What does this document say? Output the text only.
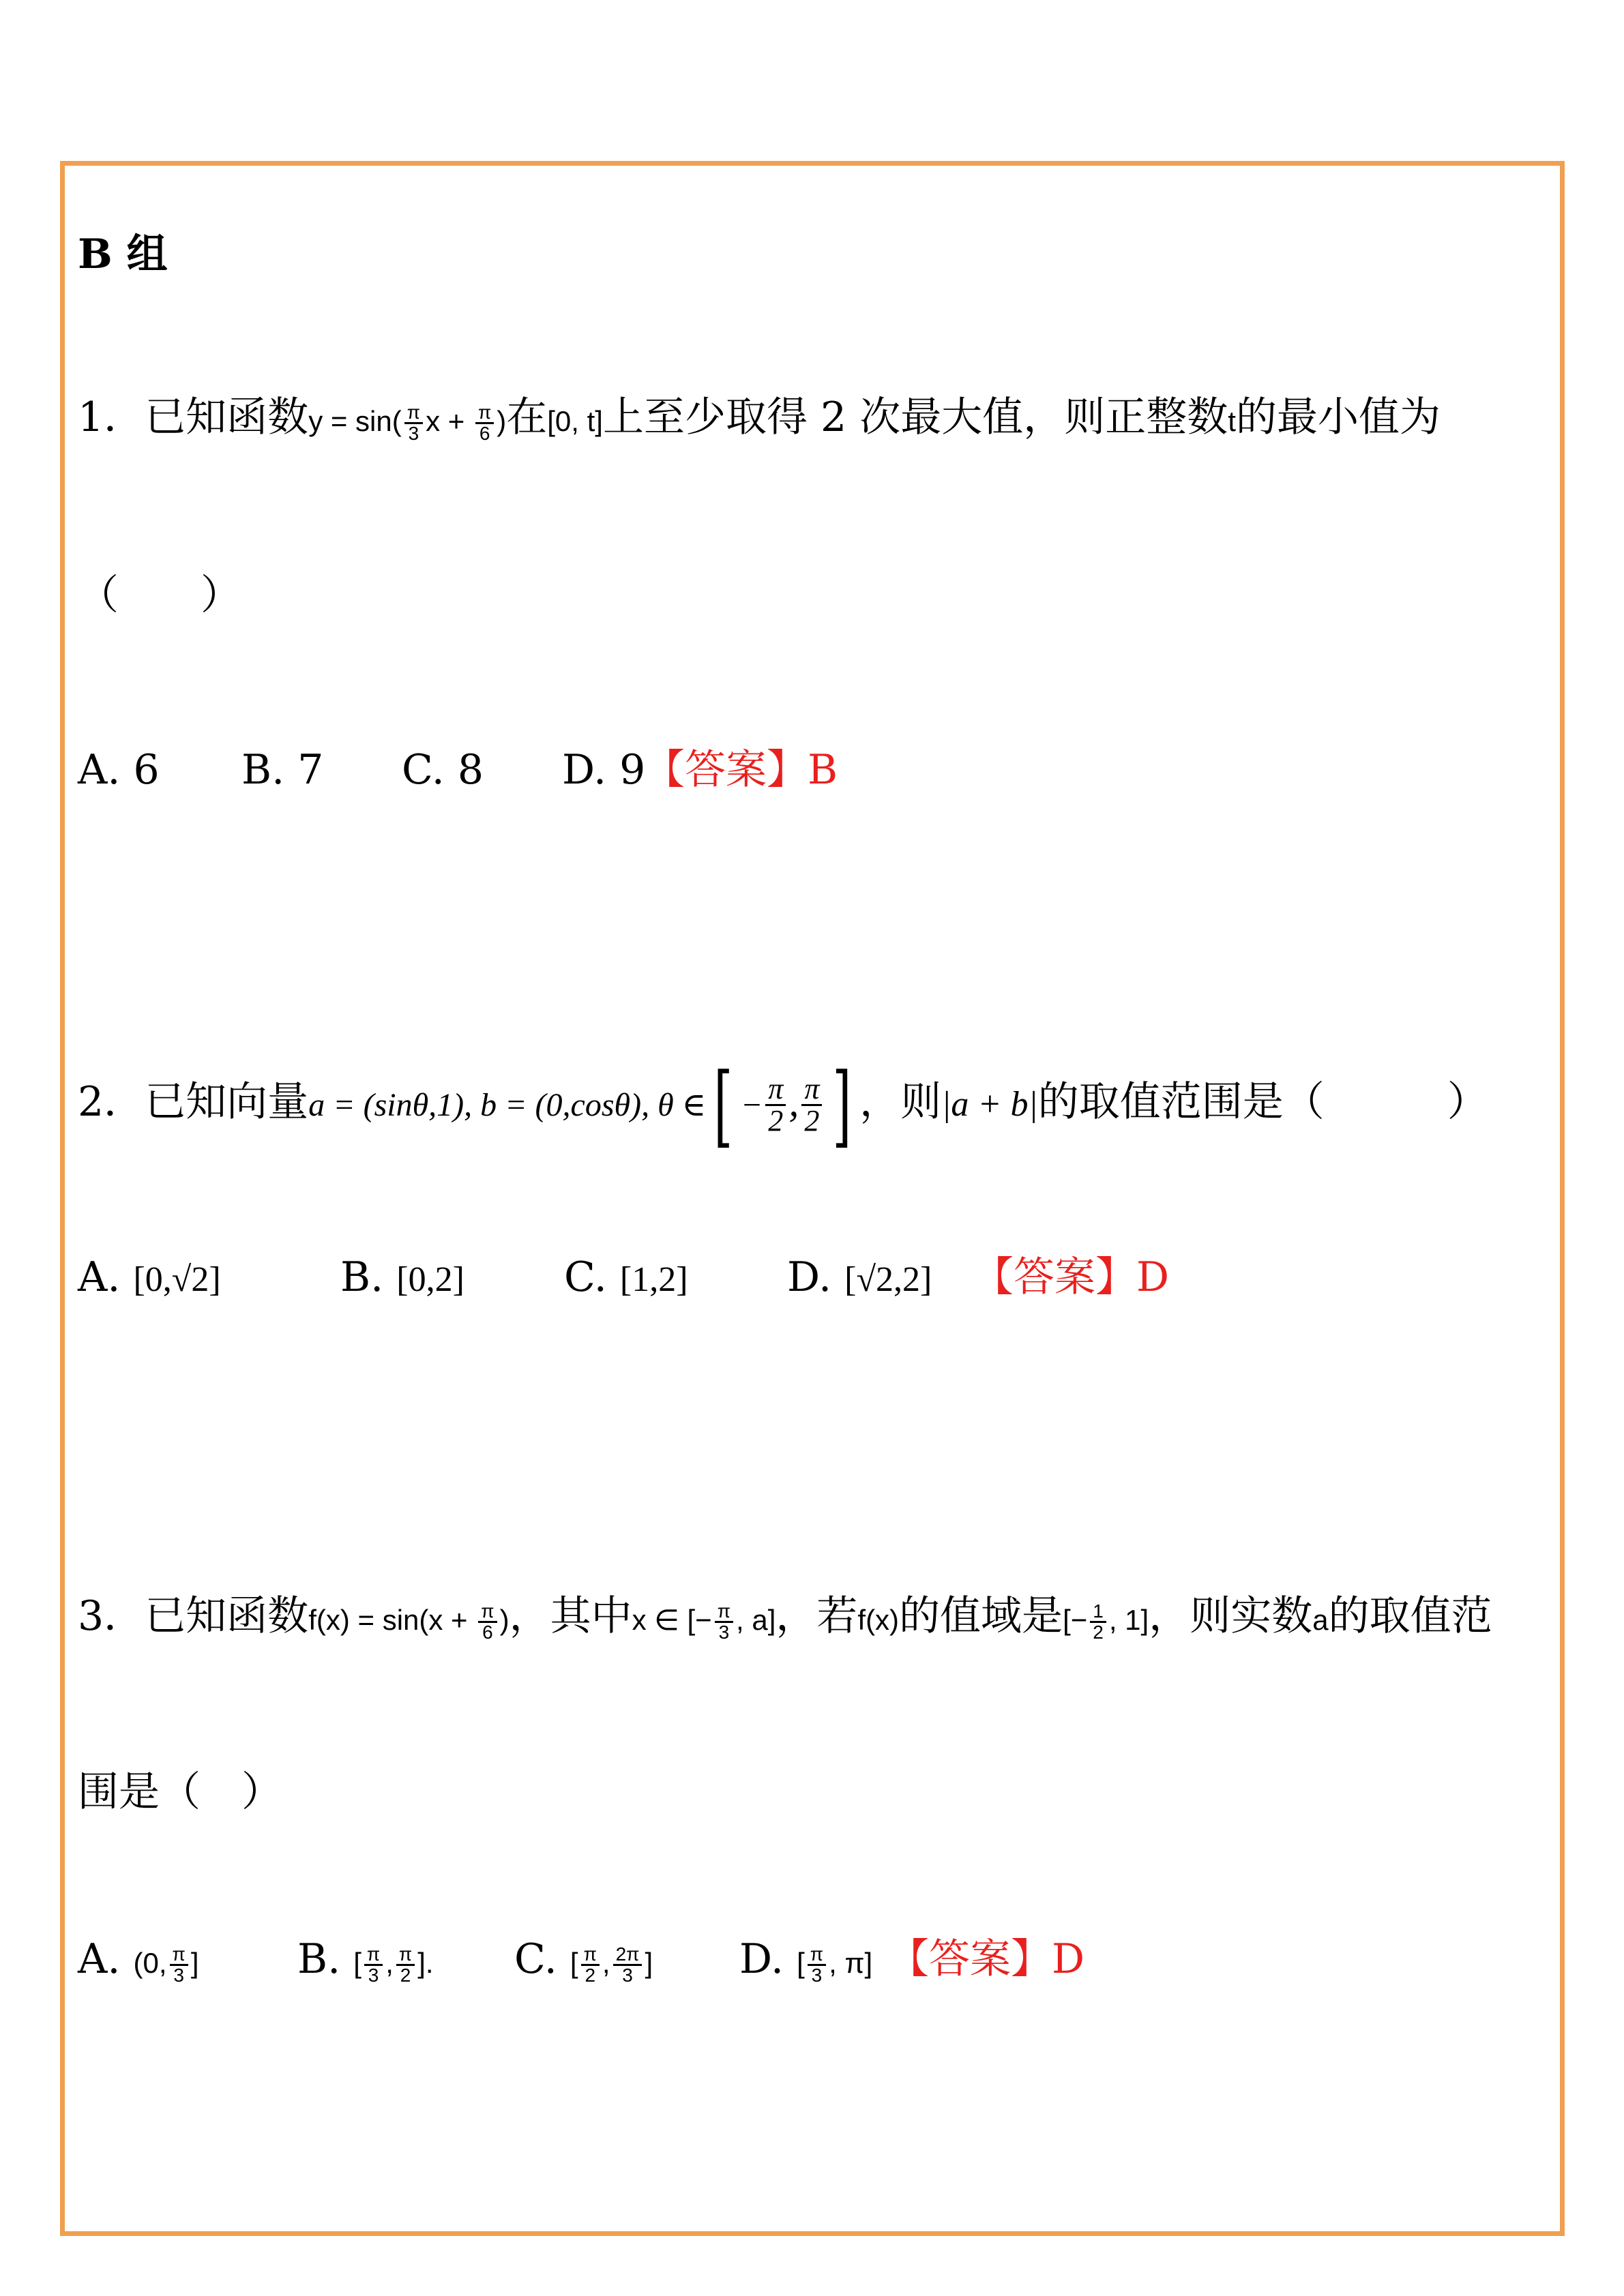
B 组
1．已知函数$y = \sin( \frac{\pi}{3}$ $x + \frac{\pi}{6}$ )在[0, t]上至少取得 2 次最大值，则正整数t的最小值为
（　　）
A. 6 B. 7 C. 8 D. 9
【答案】B
2．已知向量a = (sinθ,1), b = (0,cosθ), θ ∈[ − $\frac{\pi}{2}$ , $\frac{\pi}{2}$ ] ，则|a + b|的取值范围是（　　　）
A. [0,√2]	B. [0,2] C. [1,2] D. [√2,2] 【答案】D
3．已知函数$f(x) = \sin(x + \frac{\pi}{6}$ )，其中x ∈ [− $\frac{\pi}{3}$ , a]，若f(x)的值域是[− $\frac{1}{2}$ , 1]，则实数a的取值范
围是（　）
A. (0, $\frac{\pi}{3}$ ] B. [ $\frac{\pi}{3}$ , $\frac{\pi}{2}$ ]. C. [ $\frac{\pi}{2}$ , $\frac{2\pi}{3}$ ] D. [ $\frac{\pi}{3}$ , π] 【答案】D
